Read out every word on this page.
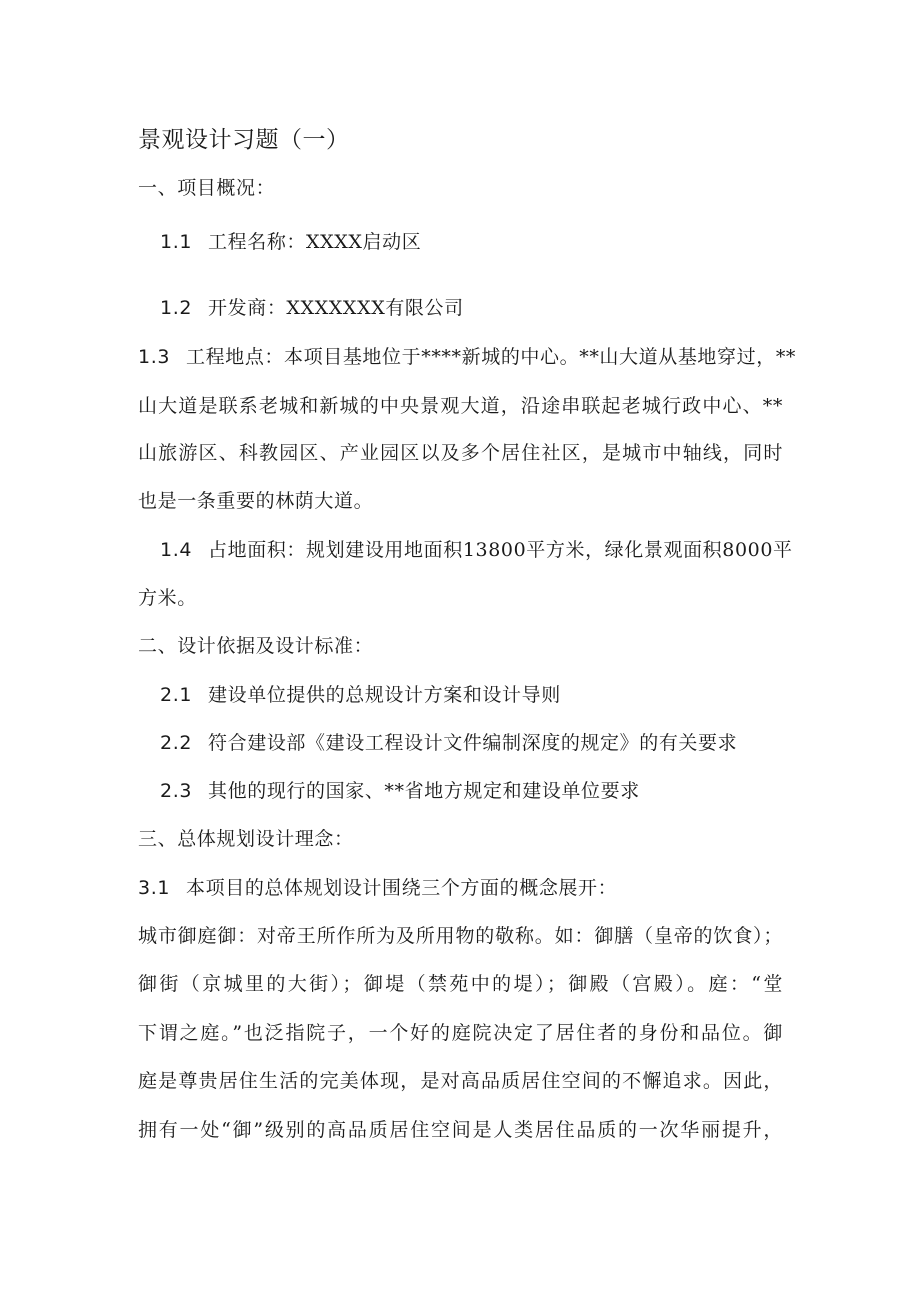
景观设计习题（一）
一、项目概况：
1.1 工程名称：XXXX启动区
1.2 开发商：XXXXXXX有限公司
1.3 工程地点：本项目基地位于****新城的中心。**山大道从基地穿过，**
山大道是联系老城和新城的中央景观大道，沿途串联起老城行政中心、**
山旅游区、科教园区、产业园区以及多个居住社区，是城市中轴线，同时
也是一条重要的林荫大道。
1.4 占地面积：规划建设用地面积13800平方米，绿化景观面积8000平
方米。
二、设计依据及设计标准：
2.1 建设单位提供的总规设计方案和设计导则
2.2 符合建设部《建设工程设计文件编制深度的规定》的有关要求
2.3 其他的现行的国家、**省地方规定和建设单位要求
三、总体规划设计理念：
3.1 本项目的总体规划设计围绕三个方面的概念展开：
城市御庭御：对帝王所作所为及所用物的敬称。如：御膳（皇帝的饮食）；
御街（京城里的大街）；御堤（禁苑中的堤）；御殿（宫殿）。庭：“堂
下谓之庭。”也泛指院子，一个好的庭院决定了居住者的身份和品位。御
庭是尊贵居住生活的完美体现，是对高品质居住空间的不懈追求。因此，
拥有一处“御”级别的高品质居住空间是人类居住品质的一次华丽提升，
